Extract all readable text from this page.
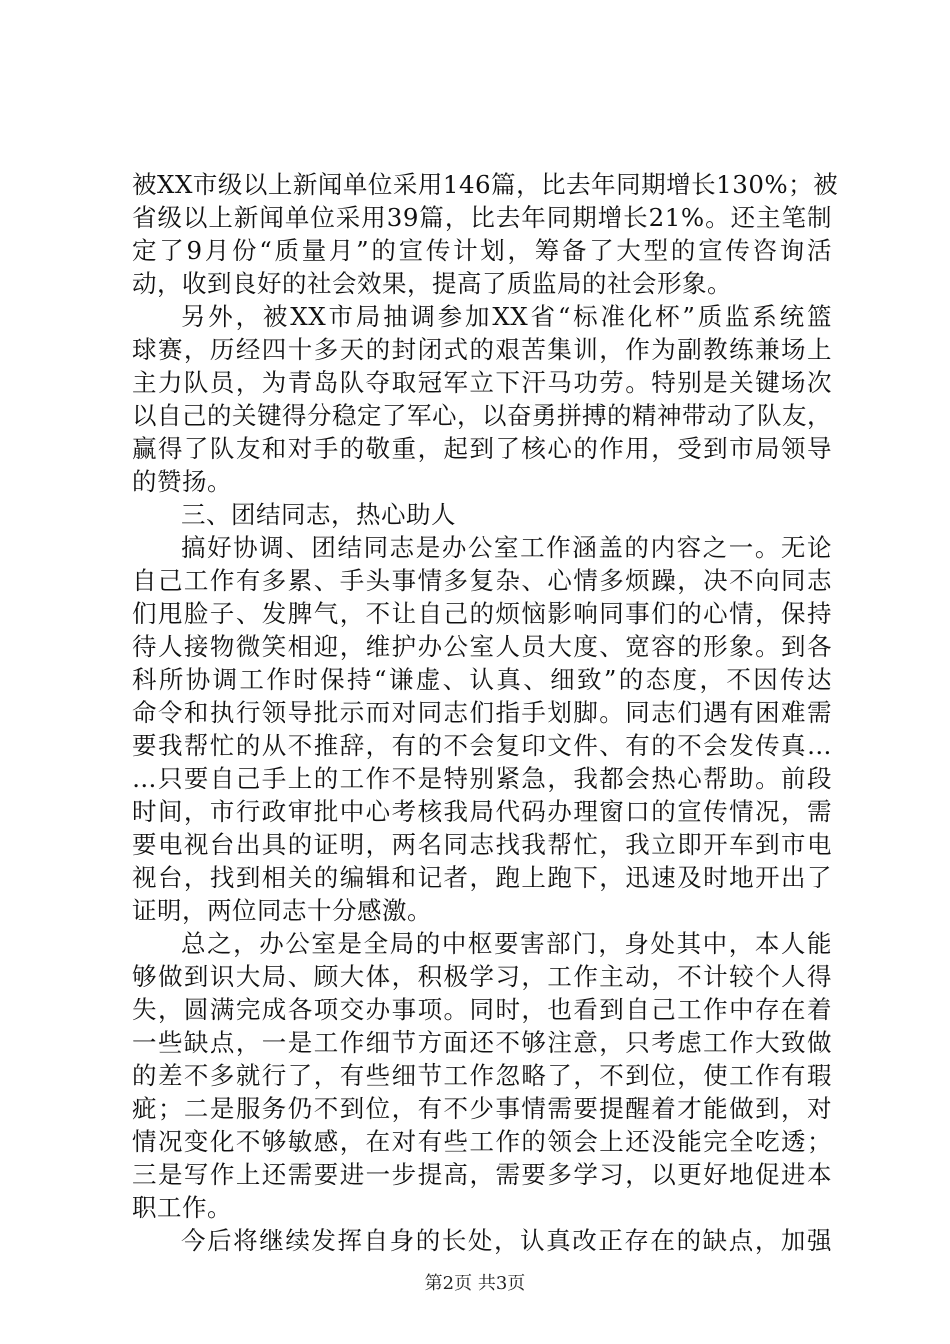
被XX市级以上新闻单位采用146篇，比去年同期增长130%；被
省级以上新闻单位采用39篇，比去年同期增长21%。还主笔制
定了9月份“质量月”的宣传计划，筹备了大型的宣传咨询活
动，收到良好的社会效果，提高了质监局的社会形象。
另外，被XX市局抽调参加XX省“标准化杯”质监系统篮
球赛，历经四十多天的封闭式的艰苦集训，作为副教练兼场上
主力队员，为青岛队夺取冠军立下汗马功劳。特别是关键场次
以自己的关键得分稳定了军心，以奋勇拼搏的精神带动了队友，
赢得了队友和对手的敬重，起到了核心的作用，受到市局领导
的赞扬。
三、团结同志，热心助人
搞好协调、团结同志是办公室工作涵盖的内容之一。无论
自己工作有多累、手头事情多复杂、心情多烦躁，决不向同志
们甩脸子、发脾气，不让自己的烦恼影响同事们的心情，保持
待人接物微笑相迎，维护办公室人员大度、宽容的形象。到各
科所协调工作时保持“谦虚、认真、细致”的态度，不因传达
命令和执行领导批示而对同志们指手划脚。同志们遇有困难需
要我帮忙的从不推辞，有的不会复印文件、有的不会发传真…
…只要自己手上的工作不是特别紧急，我都会热心帮助。前段
时间，市行政审批中心考核我局代码办理窗口的宣传情况，需
要电视台出具的证明，两名同志找我帮忙，我立即开车到市电
视台，找到相关的编辑和记者，跑上跑下，迅速及时地开出了
证明，两位同志十分感激。
总之，办公室是全局的中枢要害部门，身处其中，本人能
够做到识大局、顾大体，积极学习，工作主动，不计较个人得
失，圆满完成各项交办事项。同时，也看到自己工作中存在着
一些缺点，一是工作细节方面还不够注意，只考虑工作大致做
的差不多就行了，有些细节工作忽略了，不到位，使工作有瑕
疵；二是服务仍不到位，有不少事情需要提醒着才能做到，对
情况变化不够敏感，在对有些工作的领会上还没能完全吃透；
三是写作上还需要进一步提高，需要多学习，以更好地促进本
职工作。
今后将继续发挥自身的长处，认真改正存在的缺点，加强
第2页 共3页
